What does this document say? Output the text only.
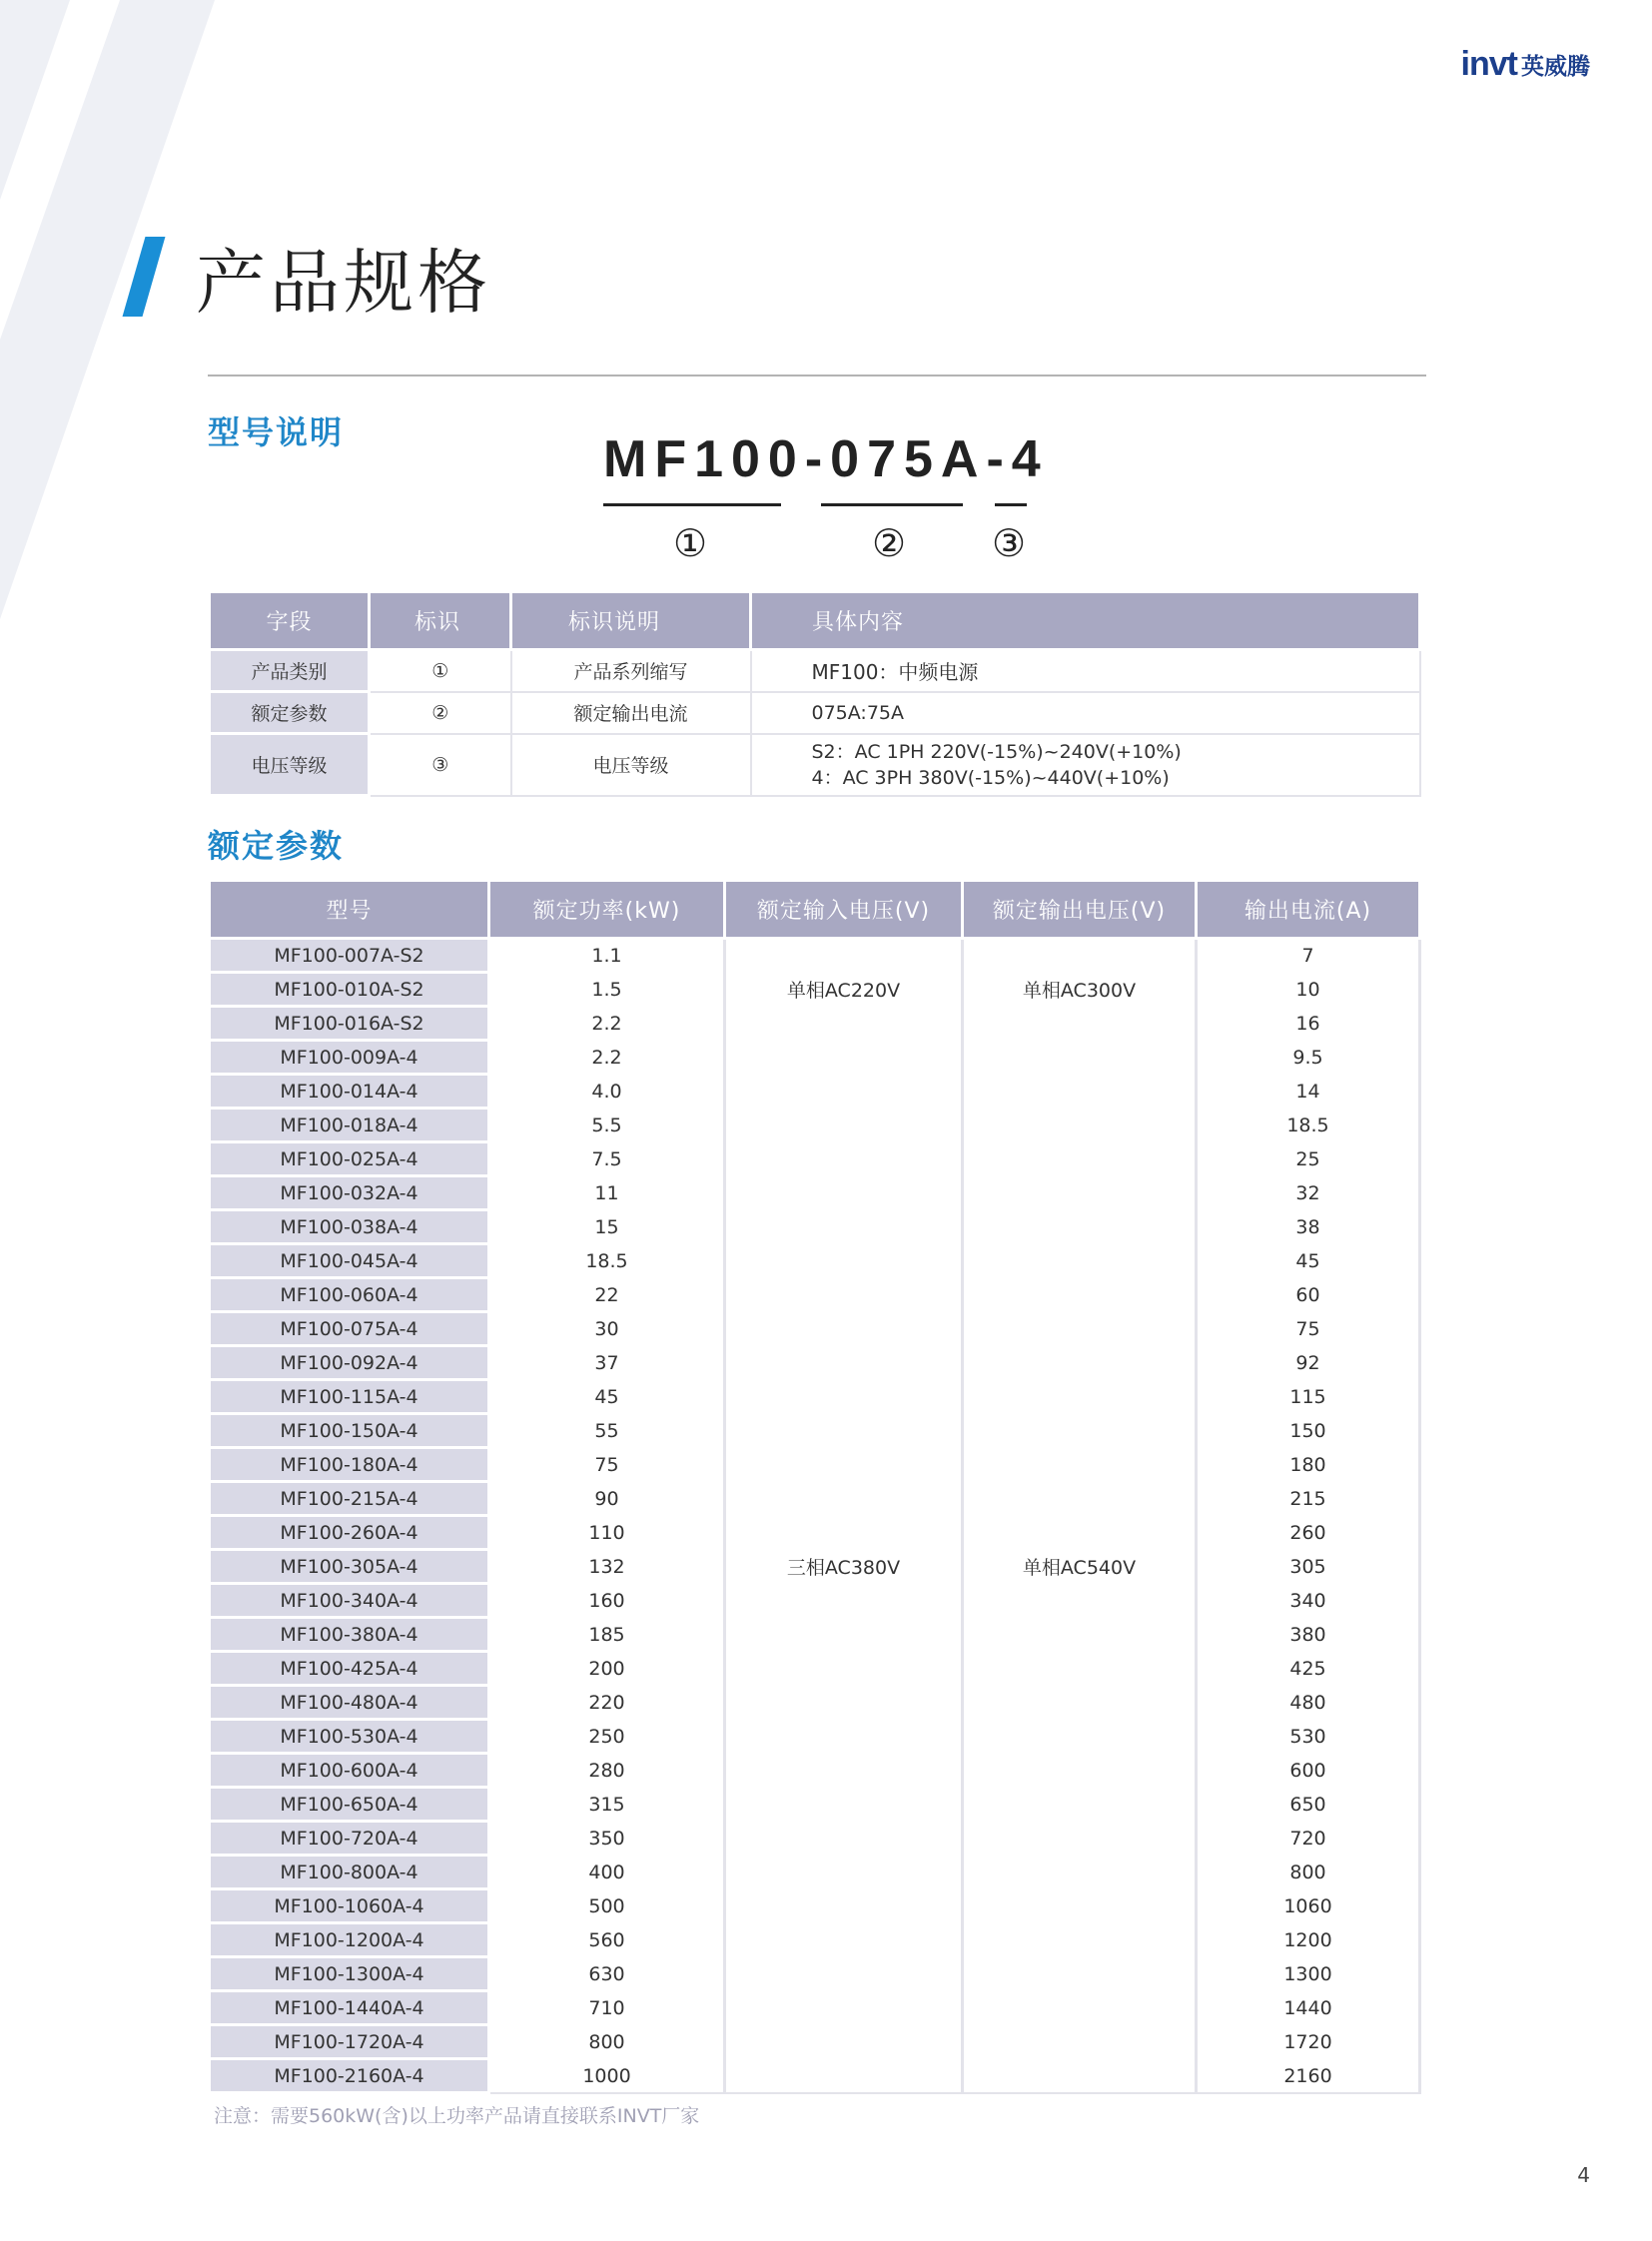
invt 英威腾
产品规格
型号说明	MF100-075A-4
①	② ③
字段	标识	标识说明	具体内容
产品类别	①	产品系列缩写	MF100：中频电源
额定参数	②	额定输出电流	075A:75A
电压等级	③	电压等级	S2：AC 1PH 220V(-15%)~240V(+10%)
4：AC 3PH 380V(-15%)~440V(+10%)
额定参数
型号	额定功率(kW)	额定输入电压(V)	额定输出电压(V)	输出电流(A)
MF100-007A-S2	1.1	单相AC220V	单相AC300V	7
MF100-010A-S2	1.5			10
MF100-016A-S2	2.2			16
MF100-009A-4	2.2	三相AC380V	单相AC540V	9.5
MF100-014A-4	4.0			14
MF100-018A-4	5.5			18.5
MF100-025A-4	7.5			25
MF100-032A-4	11			32
MF100-038A-4	15			38
MF100-045A-4	18.5			45
MF100-060A-4	22			60
MF100-075A-4	30			75
MF100-092A-4	37			92
MF100-115A-4	45			115
MF100-150A-4	55			150
MF100-180A-4	75			180
MF100-215A-4	90			215
MF100-260A-4	110			260
MF100-305A-4	132			305
MF100-340A-4	160			340
MF100-380A-4	185			380
MF100-425A-4	200			425
MF100-480A-4	220			480
MF100-530A-4	250			530
MF100-600A-4	280			600
MF100-650A-4	315			650
MF100-720A-4	350			720
MF100-800A-4	400			800
MF100-1060A-4	500			1060
MF100-1200A-4	560			1200
MF100-1300A-4	630			1300
MF100-1440A-4	710			1440
MF100-1720A-4	800			1720
MF100-2160A-4	1000			2160
注意：需要560kW(含)以上功率产品请直接联系INVT厂家
4
